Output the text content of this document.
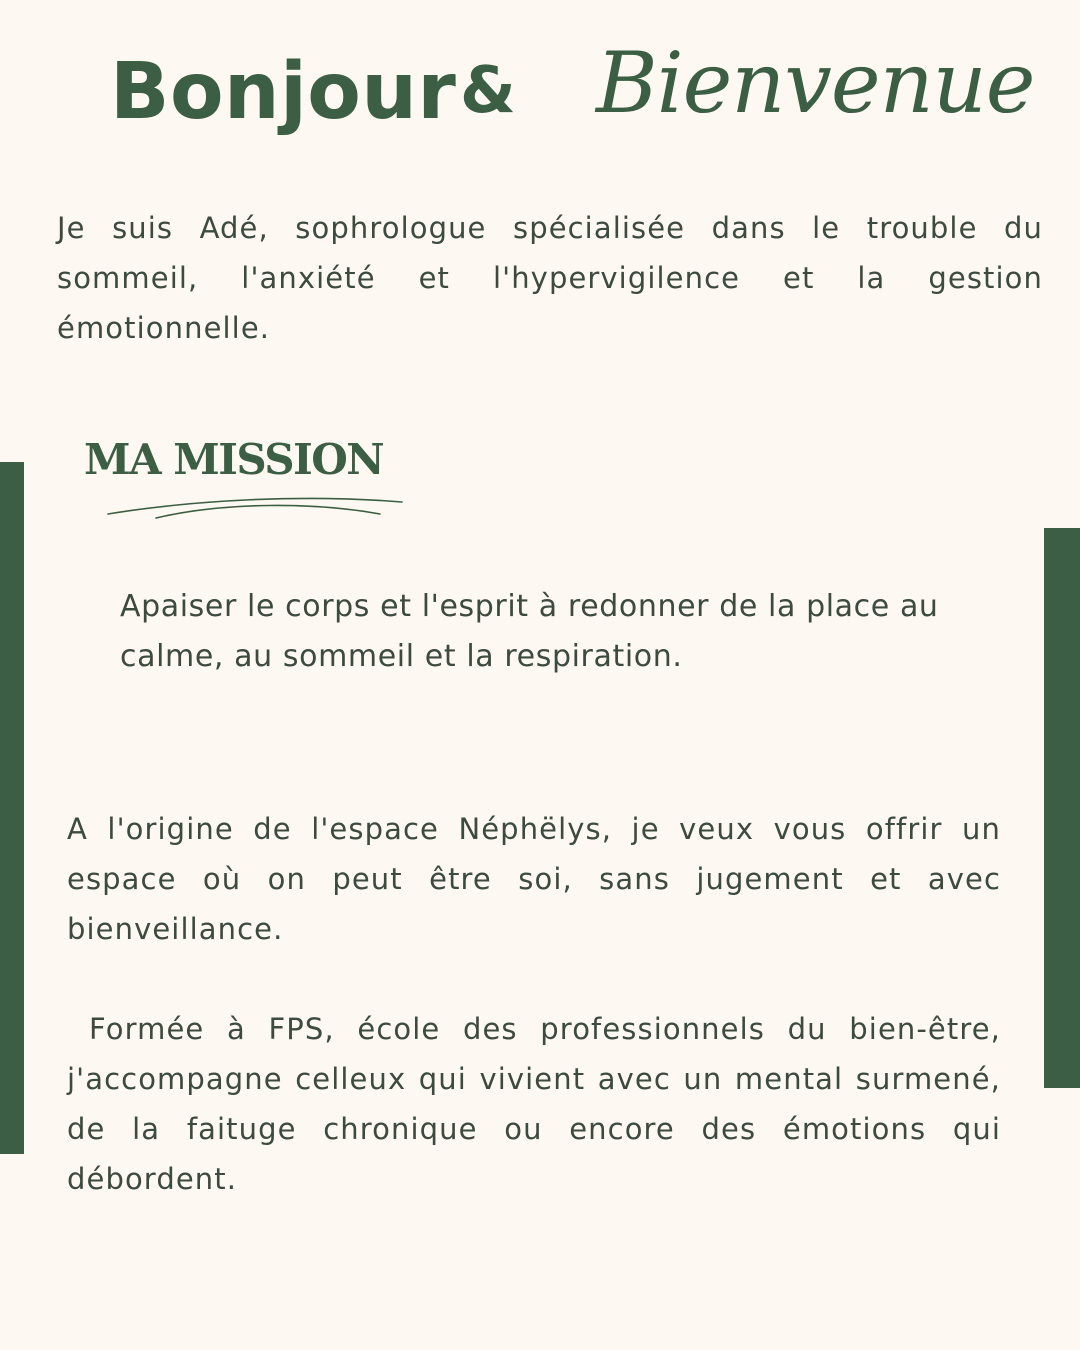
Bonjour & Bienvenue

Je suis Adé, sophrologue spécialisée dans le trouble du sommeil, l'anxiété et l'hypervigilence et la gestion émotionnelle.

MA MISSION

Apaiser le corps et l'esprit à redonner de la place au calme, au sommeil et la respiration.

A l'origine de l'espace Néphëlys, je veux vous offrir un espace où on peut être soi, sans jugement et avec bienveillance.

Formée à FPS, école des professionnels du bien-être, j'accompagne celleux qui vivient avec un mental surmené, de la faituge chronique ou encore des émotions qui débordent.
